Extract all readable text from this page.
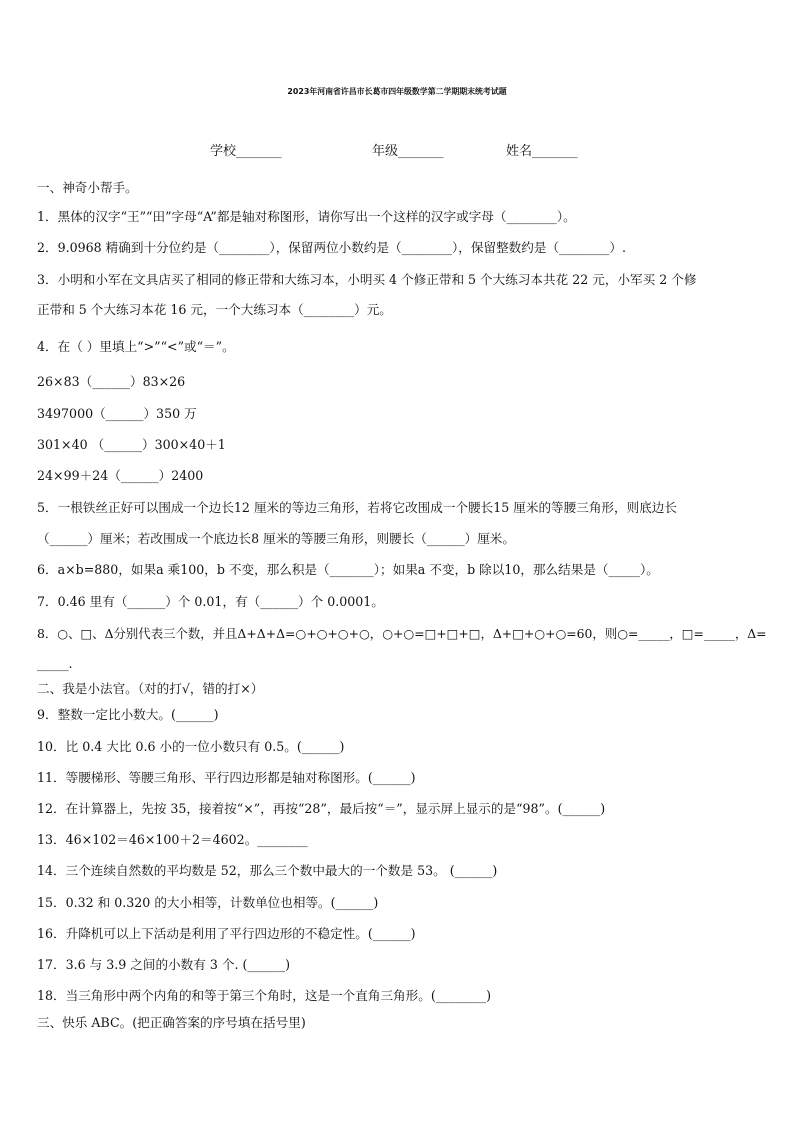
2023年河南省许昌市长葛市四年级数学第二学期期末统考试题
学校_______	年级_______	姓名_______
一、神奇小帮手。
1．黑体的汉字“王”“田”字母“A”都是轴对称图形，请你写出一个这样的汉字或字母（________）。
2．9.0968 精确到十分位约是（________），保留两位小数约是（________），保留整数约是（________）.
3．小明和小军在文具店买了相同的修正带和大练习本，小明买 4 个修正带和 5 个大练习本共花 22 元，小军买 2 个修
正带和 5 个大练习本花 16 元，一个大练习本（________）元。
4．在（ ）里填上“>”“<”或“＝”。
26×83（______）83×26
3497000（______）350 万
301×40 （______）300×40＋1
24×99＋24（______）2400
5．一根铁丝正好可以围成一个边长12 厘米的等边三角形，若将它改围成一个腰长15 厘米的等腰三角形，则底边长
（______）厘米；若改围成一个底边长8 厘米的等腰三角形，则腰长（______）厘米。
6．a×b=880，如果a 乘100，b 不变，那么积是（_______）；如果a 不变，b 除以10，那么结果是（_____）。
7．0.46 里有（______）个 0.01，有（______）个 0.0001。
8．○、□、Δ分别代表三个数，并且Δ+Δ+Δ=○+○+○+○，○+○=□+□+□，Δ+□+○+○=60，则○=_____，□=_____，Δ=
_____.
二、我是小法官。（对的打√，错的打×）
9．整数一定比小数大。(______)
10．比 0.4 大比 0.6 小的一位小数只有 0.5。(______)
11．等腰梯形、等腰三角形、平行四边形都是轴对称图形。(______)
12．在计算器上，先按 35，接着按“×”，再按“28”，最后按“＝”，显示屏上显示的是“98”。(______)
13．46×102＝46×100＋2＝4602。________
14．三个连续自然数的平均数是 52，那么三个数中最大的一个数是 53。 (______)
15．0.32 和 0.320 的大小相等，计数单位也相等。(______)
16．升降机可以上下活动是利用了平行四边形的不稳定性。(______)
17．3.6 与 3.9 之间的小数有 3 个. (______)
18．当三角形中两个内角的和等于第三个角时，这是一个直角三角形。(________)
三、快乐 ABC。(把正确答案的序号填在括号里)
